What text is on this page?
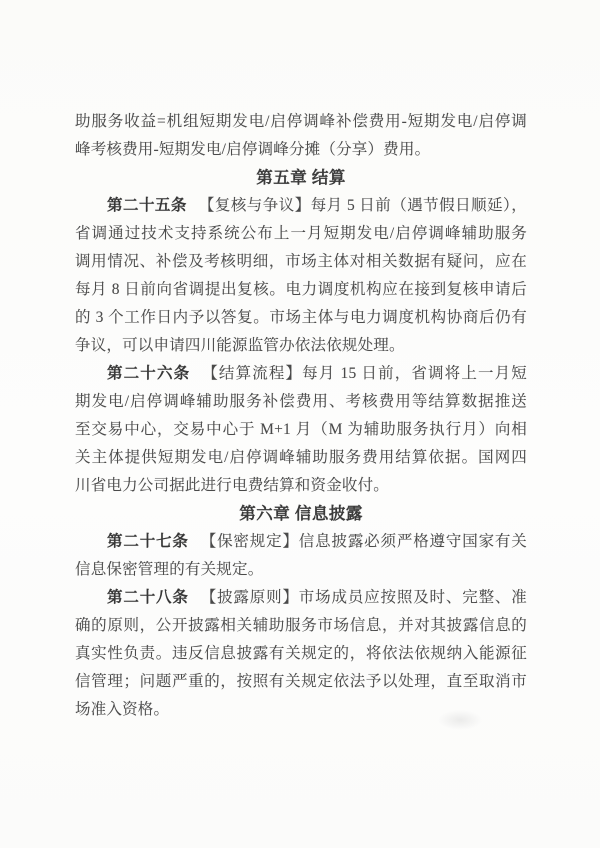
助服务收益=机组短期发电/启停调峰补偿费用-短期发电/启停调
峰考核费用-短期发电/启停调峰分摊（分享）费用。
第五章 结算
第二十五条 【复核与争议】每月 5 日前（遇节假日顺延），
省调通过技术支持系统公布上一月短期发电/启停调峰辅助服务
调用情况、补偿及考核明细，市场主体对相关数据有疑问，应在
每月 8 日前向省调提出复核。电力调度机构应在接到复核申请后
的 3 个工作日内予以答复。市场主体与电力调度机构协商后仍有
争议，可以申请四川能源监管办依法依规处理。
第二十六条 【结算流程】每月 15 日前，省调将上一月短
期发电/启停调峰辅助服务补偿费用、考核费用等结算数据推送
至交易中心，交易中心于 M+1 月（M 为辅助服务执行月）向相
关主体提供短期发电/启停调峰辅助服务费用结算依据。国网四
川省电力公司据此进行电费结算和资金收付。
第六章 信息披露
第二十七条 【保密规定】信息披露必须严格遵守国家有关
信息保密管理的有关规定。
第二十八条 【披露原则】市场成员应按照及时、完整、准
确的原则，公开披露相关辅助服务市场信息，并对其披露信息的
真实性负责。违反信息披露有关规定的，将依法依规纳入能源征
信管理；问题严重的，按照有关规定依法予以处理，直至取消市
场准入资格。
